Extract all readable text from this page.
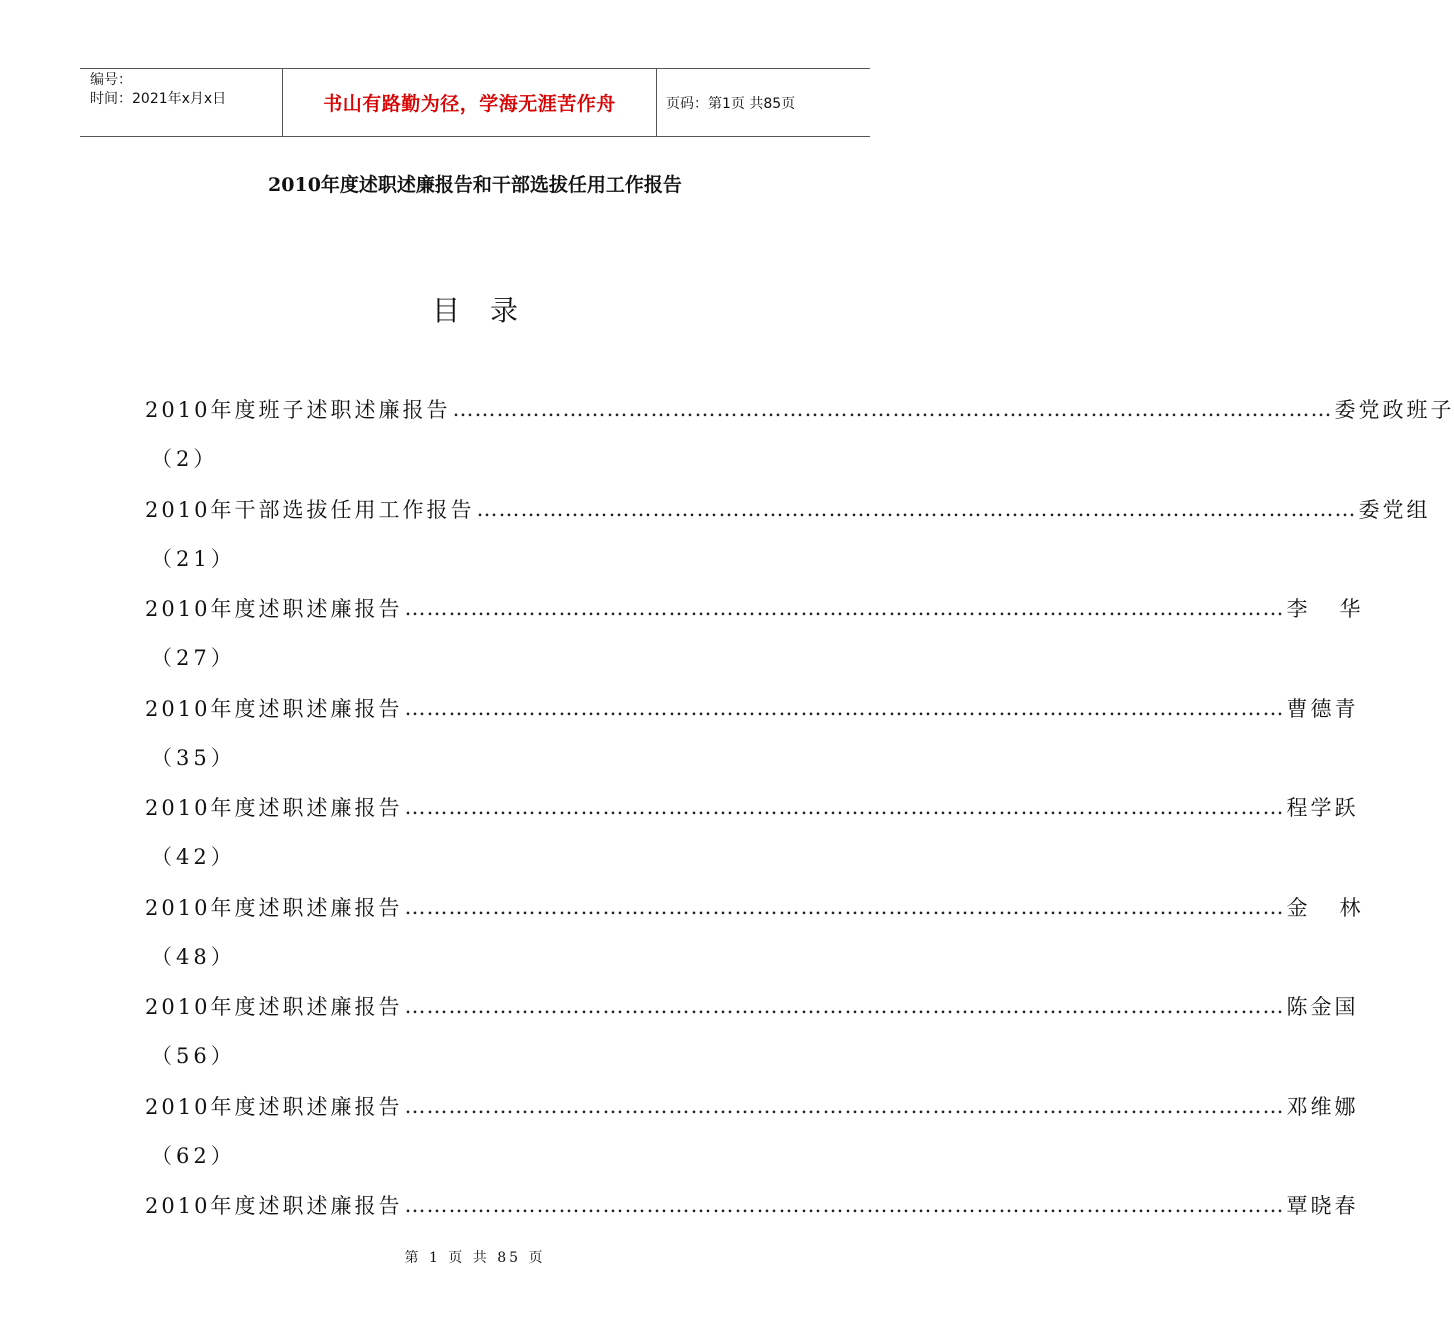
编号：
时间：2021年x月x日	书山有路勤为径，学海无涯苦作舟	页码：第1页 共85页
2010年度述职述廉报告和干部选拔任用工作报告
目录
2010年度班子述职述廉报告 ………………………………………………………………………………………………………… 委党政班子
（2）
2010年干部选拔任用工作报告 ………………………………………………………………………………………………………… 委党组
（21）
2010年度述职述廉报告 ………………………………………………………………………………………………………… 李华
（27）
2010年度述职述廉报告 ………………………………………………………………………………………………………… 曹德青
（35）
2010年度述职述廉报告 ………………………………………………………………………………………………………… 程学跃
（42）
2010年度述职述廉报告 ………………………………………………………………………………………………………… 金林
（48）
2010年度述职述廉报告 ………………………………………………………………………………………………………… 陈金国
（56）
2010年度述职述廉报告 ………………………………………………………………………………………………………… 邓维娜
（62）
2010年度述职述廉报告 ………………………………………………………………………………………………………… 覃晓春
第 1 页 共 85 页
